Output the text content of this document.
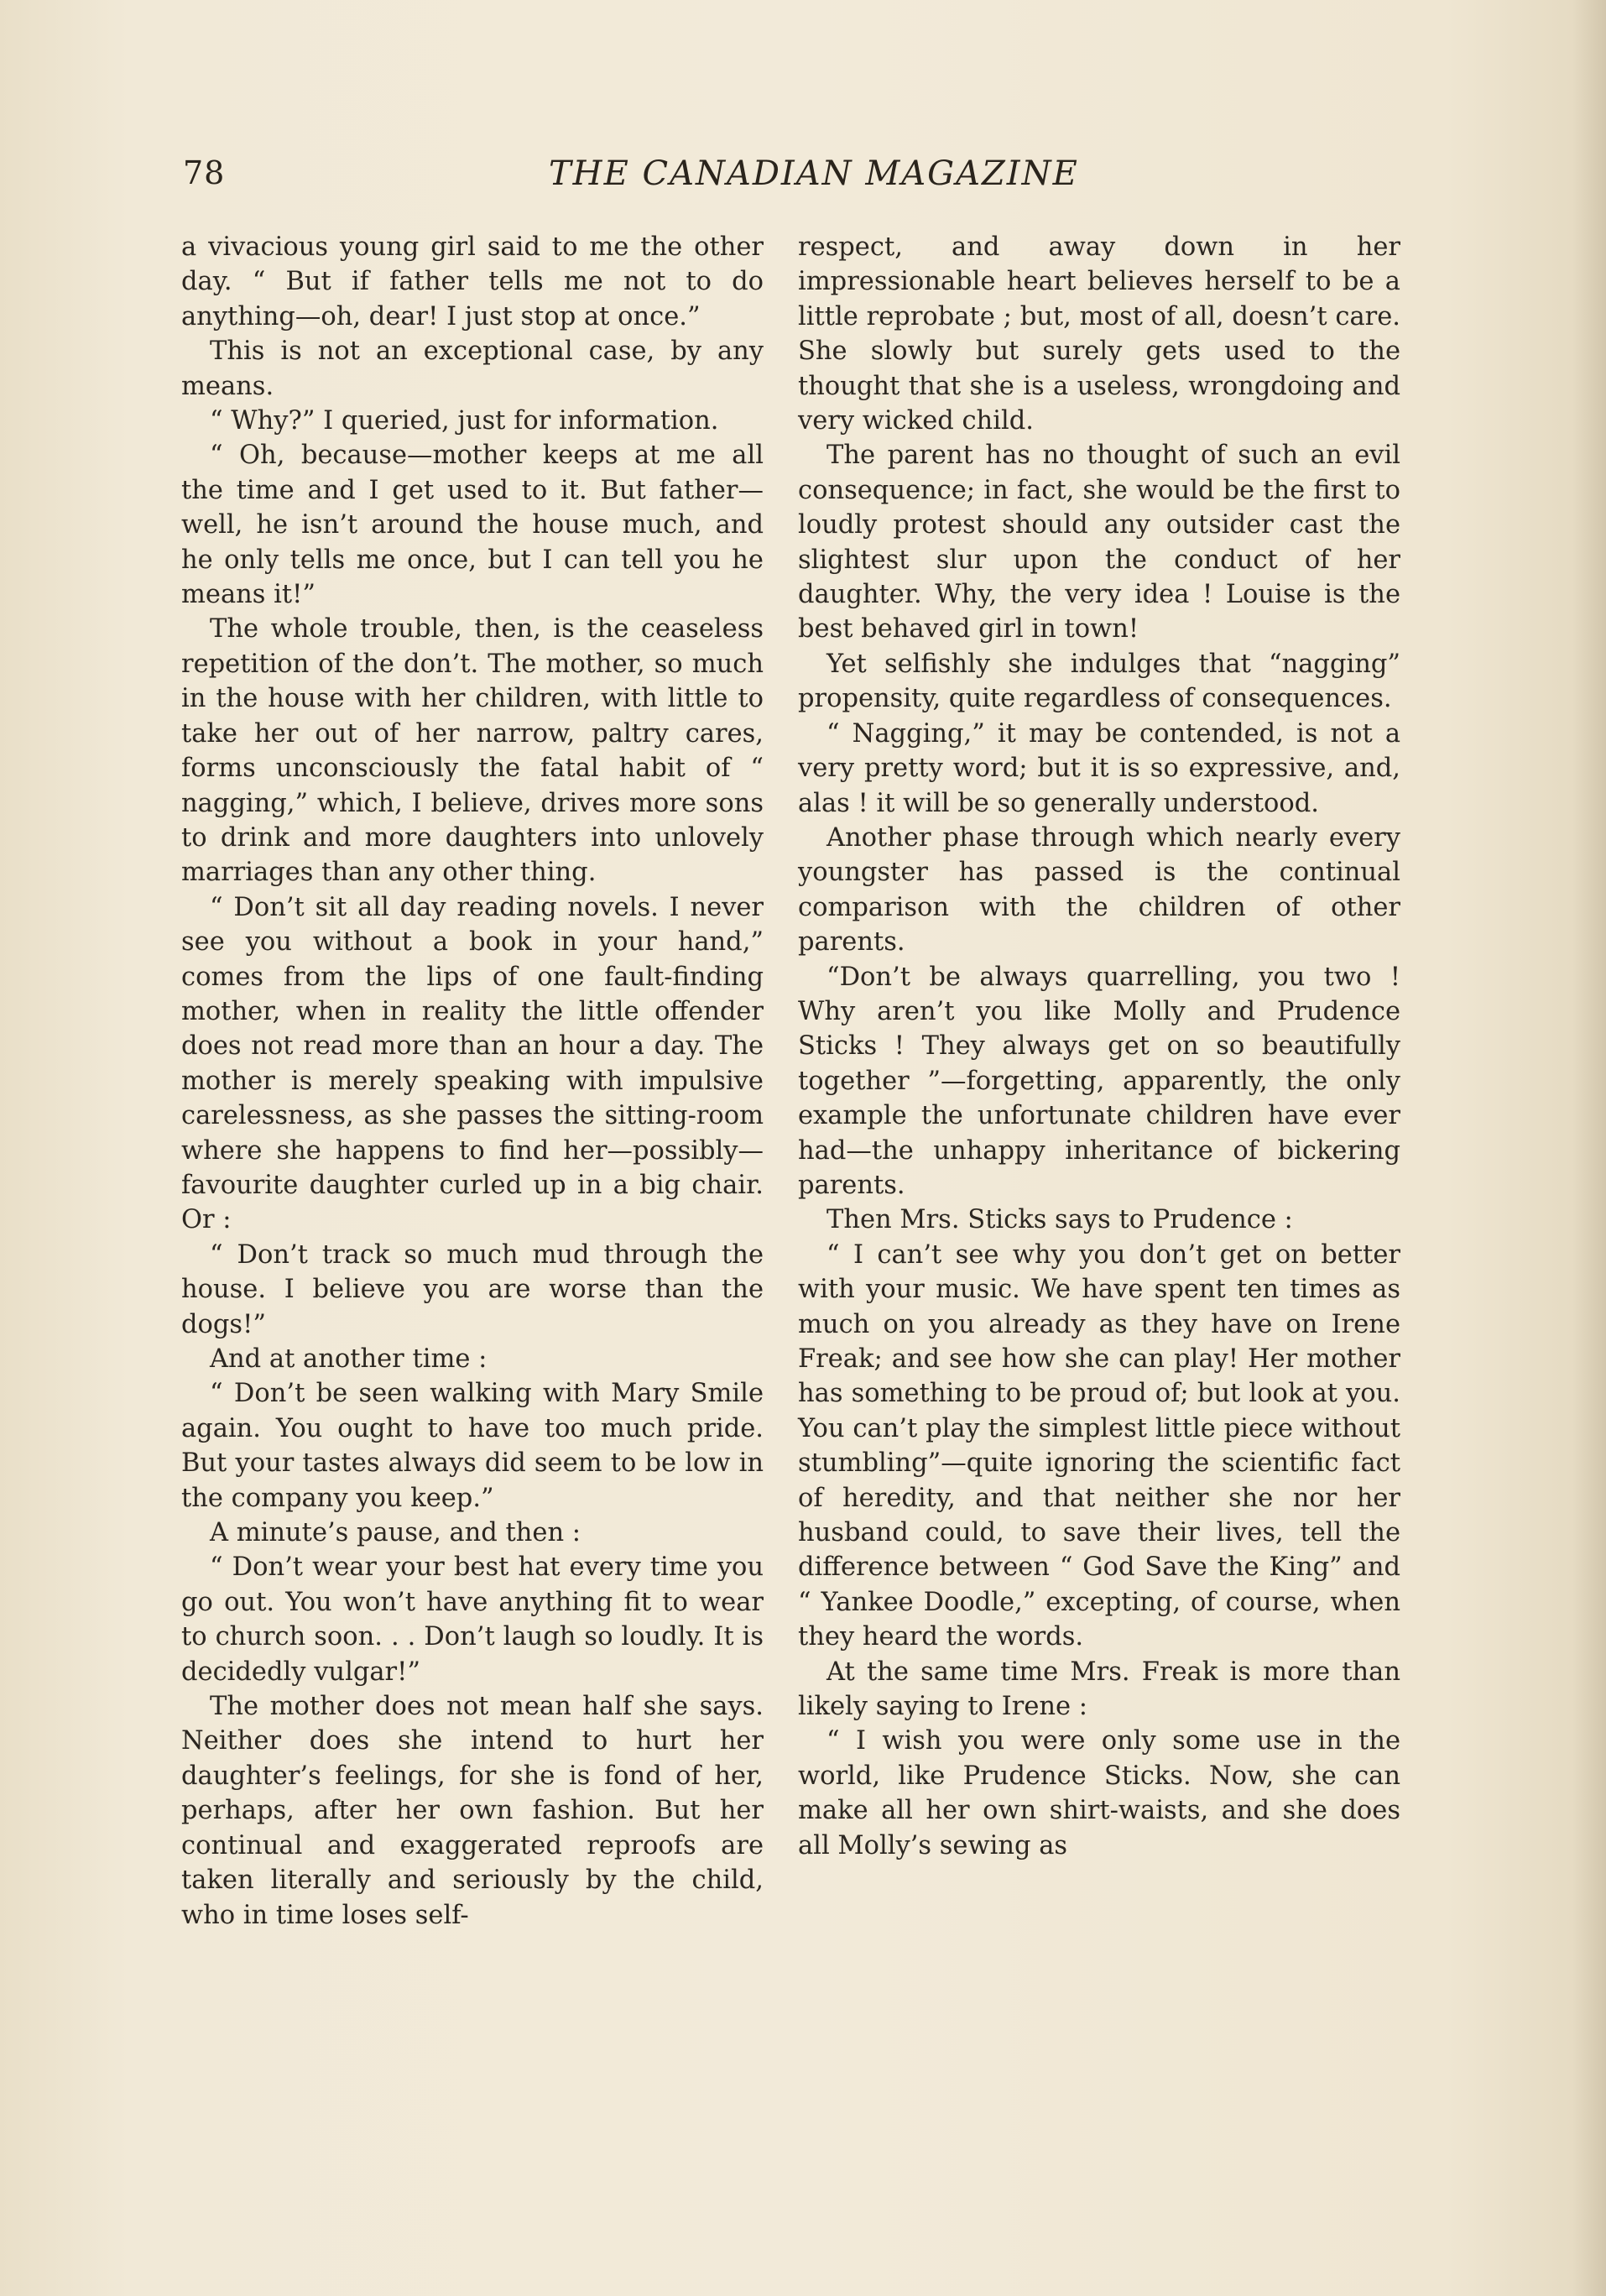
78	THE CANADIAN MAGAZINE

a vivacious young girl said to me the other day. “ But if father tells me not to do anything—oh, dear! I just stop at once.”

This is not an exceptional case, by any means.

“ Why?” I queried, just for information.

“ Oh, because—mother keeps at me all the time and I get used to it. But father—well, he isn’t around the house much, and he only tells me once, but I can tell you he means it!”

The whole trouble, then, is the ceaseless repetition of the don’t. The mother, so much in the house with her children, with little to take her out of her narrow, paltry cares, forms unconsciously the fatal habit of “ nagging,” which, I believe, drives more sons to drink and more daughters into unlovely marriages than any other thing.

“ Don’t sit all day reading novels. I never see you without a book in your hand,” comes from the lips of one fault-finding mother, when in reality the little offender does not read more than an hour a day. The mother is merely speaking with impulsive carelessness, as she passes the sitting-room where she happens to find her—possibly—favourite daughter curled up in a big chair. Or :

“ Don’t track so much mud through the house. I believe you are worse than the dogs!”

And at another time :

“ Don’t be seen walking with Mary Smile again. You ought to have too much pride. But your tastes always did seem to be low in the company you keep.”

A minute’s pause, and then :

“ Don’t wear your best hat every time you go out. You won’t have anything fit to wear to church soon. . . Don’t laugh so loudly. It is decidedly vulgar!”

The mother does not mean half she says. Neither does she intend to hurt her daughter’s feelings, for she is fond of her, perhaps, after her own fashion. But her continual and exaggerated reproofs are taken literally and seriously by the child, who in time loses self-

respect, and away down in her impressionable heart believes herself to be a little reprobate ; but, most of all, doesn’t care. She slowly but surely gets used to the thought that she is a useless, wrongdoing and very wicked child.

The parent has no thought of such an evil consequence; in fact, she would be the first to loudly protest should any outsider cast the slightest slur upon the conduct of her daughter. Why, the very idea ! Louise is the best behaved girl in town!

Yet selfishly she indulges that “nagging” propensity, quite regardless of consequences.

“ Nagging,” it may be contended, is not a very pretty word; but it is so expressive, and, alas ! it will be so generally understood.

Another phase through which nearly every youngster has passed is the continual comparison with the children of other parents.

“Don’t be always quarrelling, you two ! Why aren’t you like Molly and Prudence Sticks ! They always get on so beautifully together ”—forgetting, apparently, the only example the unfortunate children have ever had—the unhappy inheritance of bickering parents.

Then Mrs. Sticks says to Prudence :

“ I can’t see why you don’t get on better with your music. We have spent ten times as much on you already as they have on Irene Freak; and see how she can play! Her mother has something to be proud of; but look at you. You can’t play the simplest little piece without stumbling”—quite ignoring the scientific fact of heredity, and that neither she nor her husband could, to save their lives, tell the difference between “ God Save the King” and “ Yankee Doodle,” excepting, of course, when they heard the words.

At the same time Mrs. Freak is more than likely saying to Irene :

“ I wish you were only some use in the world, like Prudence Sticks. Now, she can make all her own shirt-waists, and she does all Molly’s sewing as
